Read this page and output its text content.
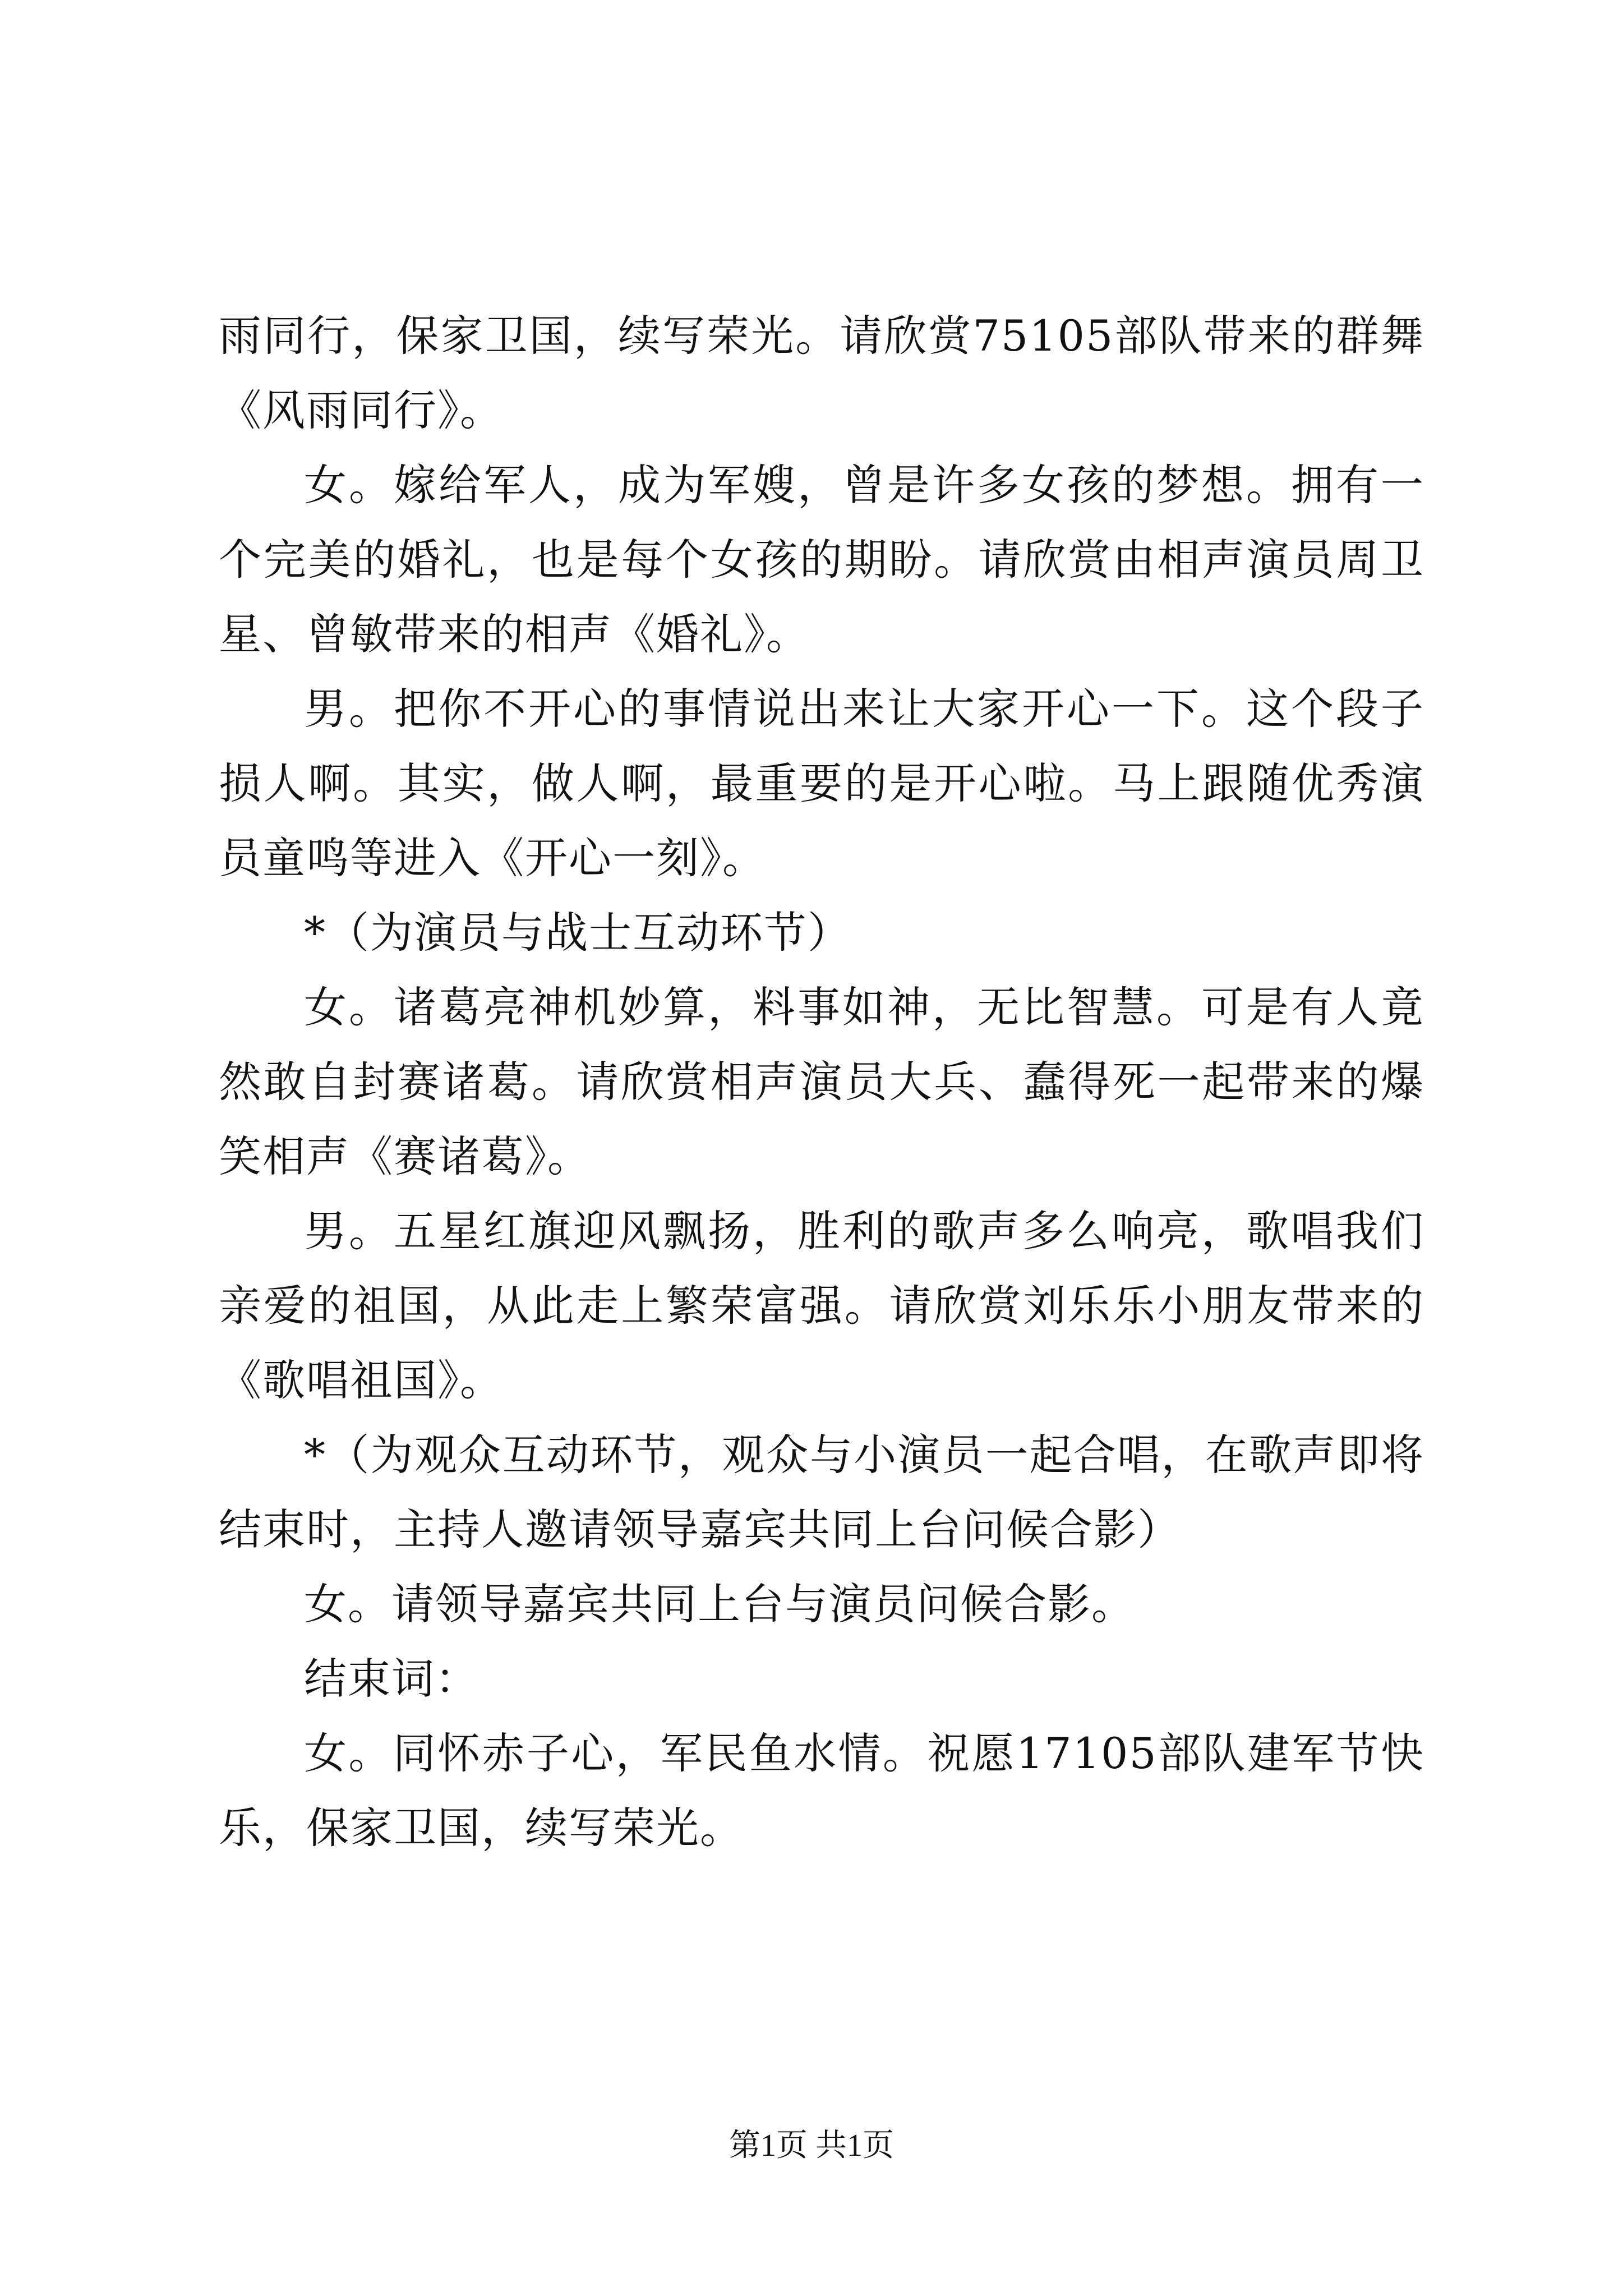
雨同行，保家卫国，续写荣光。请欣赏75105部队带来的群舞《风雨同行》。

女。嫁给军人，成为军嫂，曾是许多女孩的梦想。拥有一个完美的婚礼，也是每个女孩的期盼。请欣赏由相声演员周卫星、曾敏带来的相声《婚礼》。

男。把你不开心的事情说出来让大家开心一下。这个段子损人啊。其实，做人啊，最重要的是开心啦。马上跟随优秀演员童鸣等进入《开心一刻》。

*（为演员与战士互动环节）

女。诸葛亮神机妙算，料事如神，无比智慧。可是有人竟然敢自封赛诸葛。请欣赏相声演员大兵、蠢得死一起带来的爆笑相声《赛诸葛》。

男。五星红旗迎风飘扬，胜利的歌声多么响亮，歌唱我们亲爱的祖国，从此走上繁荣富强。请欣赏刘乐乐小朋友带来的《歌唱祖国》。

*（为观众互动环节，观众与小演员一起合唱，在歌声即将结束时，主持人邀请领导嘉宾共同上台问候合影）

女。请领导嘉宾共同上台与演员问候合影。

结束词：

女。同怀赤子心，军民鱼水情。祝愿17105部队建军节快乐，保家卫国，续写荣光。

第1页 共1页
